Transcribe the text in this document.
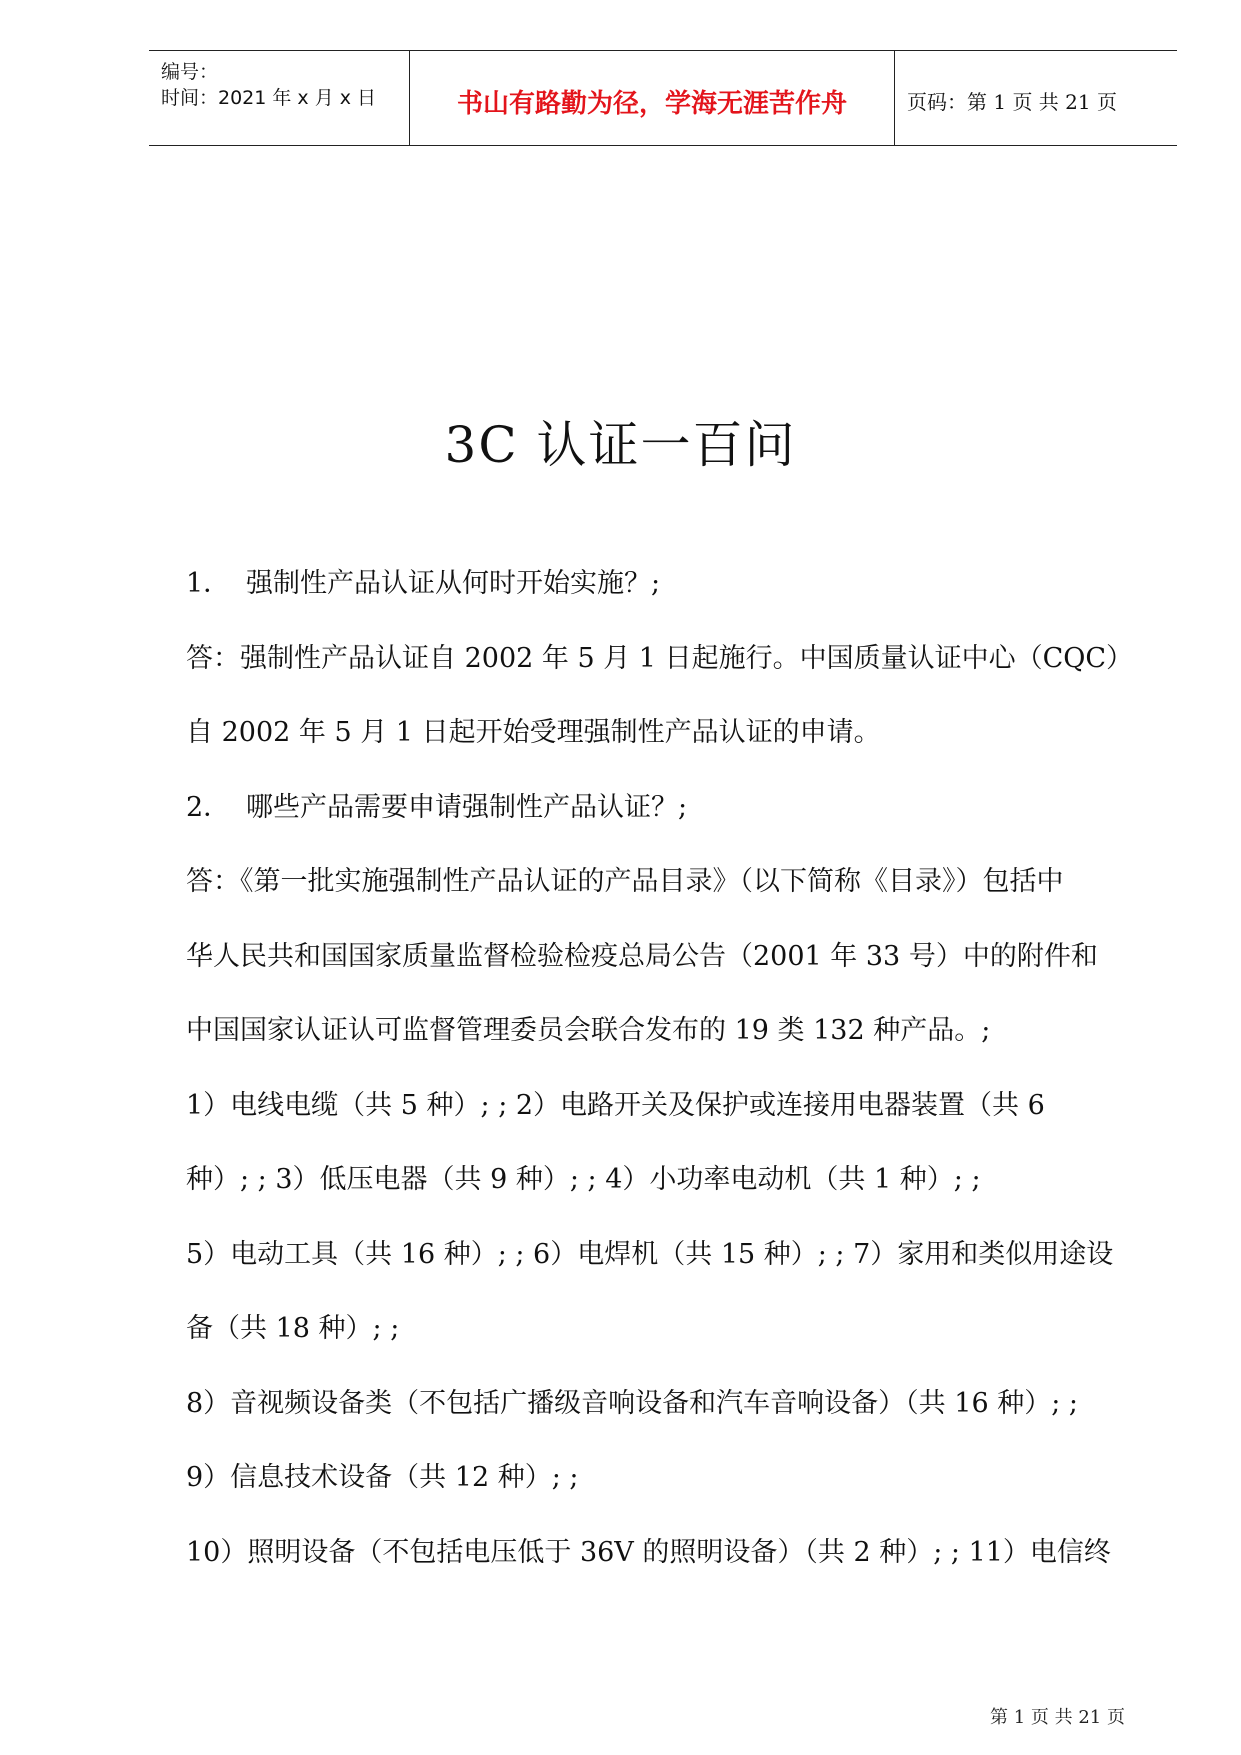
编号：
时间：2021 年 x 月 x 日	书山有路勤为径，学海无涯苦作舟	页码：第 1 页 共 21 页
3C 认证一百问

1． 强制性产品认证从何时开始实施？;

答：强制性产品认证自 2002 年 5 月 1 日起施行。中国质量认证中心（CQC）

自 2002 年 5 月 1 日起开始受理强制性产品认证的申请。

2． 哪些产品需要申请强制性产品认证？;

答：《第一批实施强制性产品认证的产品目录》（以下简称《目录》）包括中

华人民共和国国家质量监督检验检疫总局公告（2001 年 33 号）中的附件和

中国国家认证认可监督管理委员会联合发布的 19 类 132 种产品。;

1）电线电缆（共 5 种）; ; 2）电路开关及保护或连接用电器装置（共 6

种）; ; 3）低压电器（共 9 种）; ; 4）小功率电动机（共 1 种）; ;

5）电动工具（共 16 种）; ; 6）电焊机（共 15 种）; ; 7）家用和类似用途设

备（共 18 种）; ;

8）音视频设备类（不包括广播级音响设备和汽车音响设备）（共 16 种）; ;

9）信息技术设备（共 12 种）; ;

10）照明设备（不包括电压低于 36V 的照明设备）（共 2 种）; ; 11）电信终

第 1 页 共 21 页
